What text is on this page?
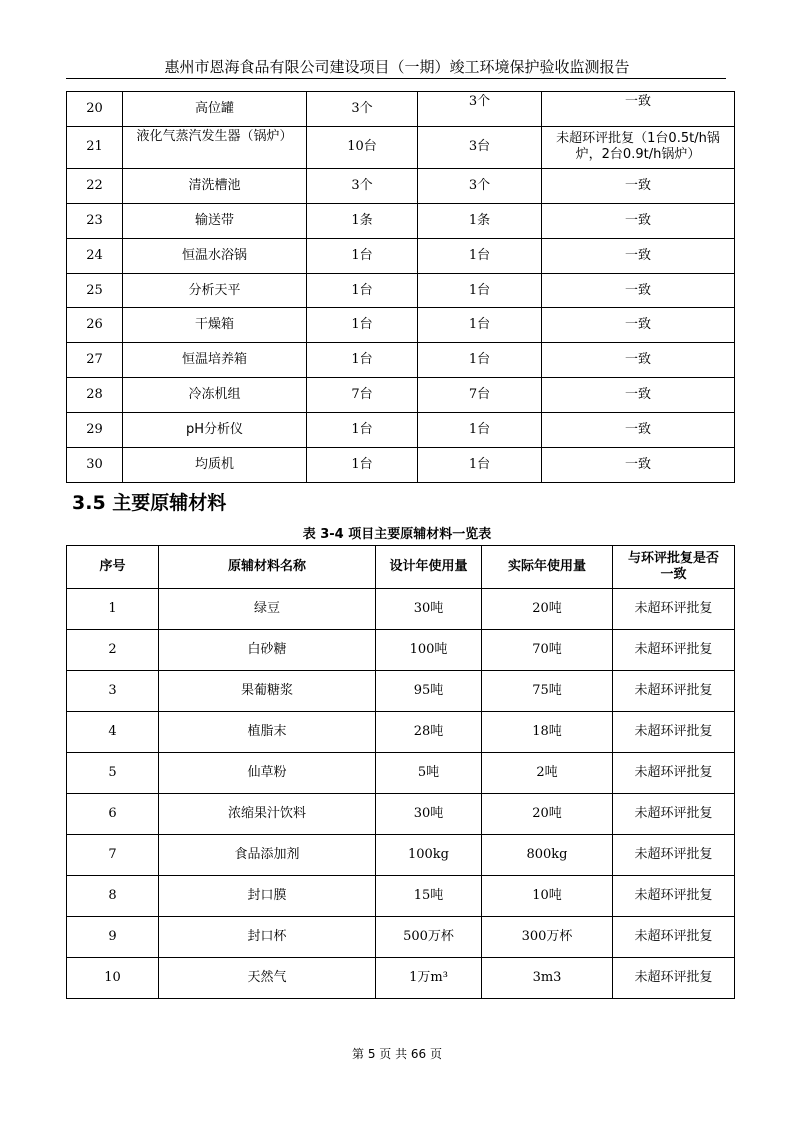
惠州市恩海食品有限公司建设项目（一期）竣工环境保护验收监测报告
20	高位罐	3个	3个	一致
21	液化气蒸汽发生器（锅炉）	10台	3台	未超环评批复（1台0.5t/h锅炉，2台0.9t/h锅炉）
22	清洗槽池	3个	3个	一致
23	输送带	1条	1条	一致
24	恒温水浴锅	1台	1台	一致
25	分析天平	1台	1台	一致
26	干燥箱	1台	1台	一致
27	恒温培养箱	1台	1台	一致
28	冷冻机组	7台	7台	一致
29	pH分析仪	1台	1台	一致
30	均质机	1台	1台	一致
3.5 主要原辅材料
表 3-4 项目主要原辅材料一览表
序号	原辅材料名称	设计年使用量	实际年使用量	与环评批复是否一致
1	绿豆	30吨	20吨	未超环评批复
2	白砂糖	100吨	70吨	未超环评批复
3	果葡糖浆	95吨	75吨	未超环评批复
4	植脂末	28吨	18吨	未超环评批复
5	仙草粉	5吨	2吨	未超环评批复
6	浓缩果汁饮料	30吨	20吨	未超环评批复
7	食品添加剂	100kg	800kg	未超环评批复
8	封口膜	15吨	10吨	未超环评批复
9	封口杯	500万杯	300万杯	未超环评批复
10	天然气	1万m³	3m3	未超环评批复
第 5 页 共 66 页
